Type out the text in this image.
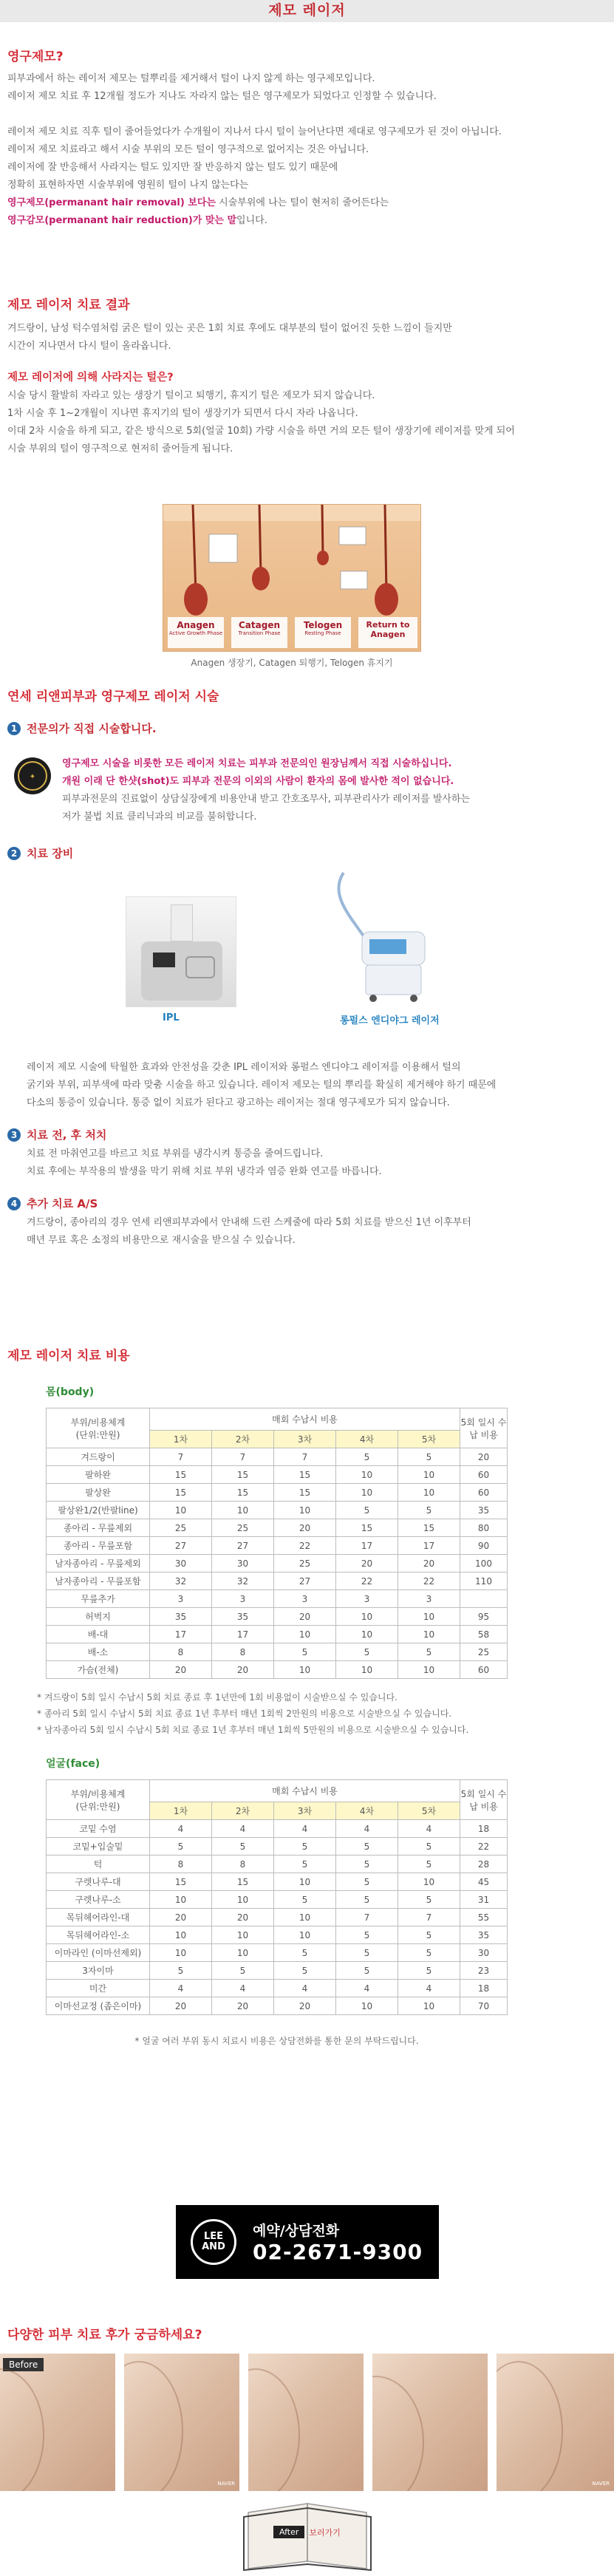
제모 레이저
영구제모?
피부과에서 하는 레이저 제모는 털뿌리를 제거해서 털이 나지 않게 하는 영구제모입니다.
레이저 제모 치료 후 12개월 정도가 지나도 자라지 않는 털은 영구제모가 되었다고 인정할 수 있습니다.
레이저 제모 치료 직후 털이 줄어들었다가 수개월이 지나서 다시 털이 늘어난다면 제대로 영구제모가 된 것이 아닙니다.
레이저 제모 치료라고 해서 시술 부위의 모든 털이 영구적으로 없어지는 것은 아닙니다.
레이저에 잘 반응해서 사라지는 털도 있지만 잘 반응하지 않는 털도 있기 때문에
정확히 표현하자면 시술부위에 영원히 털이 나지 않는다는
영구제모(permanant hair removal) 보다는 시술부위에 나는 털이 현저히 줄어든다는
영구감모(permanant hair reduction)가 맞는 말입니다.
제모 레이저 치료 결과
겨드랑이, 남성 턱수염처럼 굵은 털이 있는 곳은 1회 치료 후에도 대부분의 털이 없어진 듯한 느낌이 들지만
시간이 지나면서 다시 털이 올라옵니다.
제모 레이저에 의해 사라지는 털은?
시술 당시 활발히 자라고 있는 생장기 털이고 퇴행기, 휴지기 털은 제모가 되지 않습니다.
1차 시술 후 1~2개월이 지나면 휴지기의 털이 생장기가 되면서 다시 자라 나옵니다.
이대 2차 시술을 하게 되고, 같은 방식으로 5회(얼굴 10회) 가량 시술을 하면 거의 모든 털이 생장기에 레이저를 맞게 되어
시술 부위의 털이 영구적으로 현저히 줄어들게 됩니다.
Anagen
Active Growth Phase
Catagen
Transition Phase
Telogen
Resting Phase
Return to Anagen
Anagen 생장기, Catagen 퇴행기, Telogen 휴지기
연세 리앤피부과 영구제모 레이저 시술
1 전문의가 직접 시술합니다.
✦
영구제모 시술을 비롯한 모든 레이저 치료는 피부과 전문의인 원장님께서 직접 시술하십니다.
개원 이래 단 한샷(shot)도 피부과 전문의 이외의 사람이 환자의 몸에 발사한 적이 없습니다.
피부과전문의 진료없이 상담실장에게 비용안내 받고 간호조무사, 피부관리사가 레이저를 발사하는
저가 불법 치료 클리닉과의 비교를 불허합니다.
2 치료 장비
IPL	롱펄스 엔디야그 레이저
레이저 제모 시술에 탁월한 효과와 안전성을 갖춘 IPL 레이저와 롱펄스 엔디야그 레이저를 이용해서 털의
굵기와 부위, 피부색에 따라 맞춤 시술을 하고 있습니다. 레이저 제모는 털의 뿌리를 확실히 제거해야 하기 때문에
다소의 통증이 있습니다. 통증 없이 치료가 된다고 광고하는 레이저는 절대 영구제모가 되지 않습니다.
3 치료 전, 후 처치
치료 전 마취연고를 바르고 치료 부위를 냉각시켜 통증을 줄여드립니다.
치료 후에는 부작용의 발생을 막기 위해 치료 부위 냉각과 염증 완화 연고를 바릅니다.
4 추가 치료 A/S
겨드랑이, 종아리의 경우 연세 리앤피부과에서 안내해 드린 스케줄에 따라 5회 치료를 받으신 1년 이후부터
매년 무료 혹은 소정의 비용만으로 재시술을 받으실 수 있습니다.
제모 레이저 치료 비용
몸(body)
부위/비용체계
(단위:만원)	매회 수납시 비용					5회 일시 수납 비용
	1차	2차	3차	4차	5차	
겨드랑이	7	7	7	5	5	20
팔하완	15	15	15	10	10	60
팔상완	15	15	15	10	10	60
팔상완1/2(반팔line)	10	10	10	5	5	35
종아리 - 무릎제외	25	25	20	15	15	80
종아리 - 무릎포함	27	27	22	17	17	90
남자종아리 - 무릎제외	30	30	25	20	20	100
남자종아리 - 무릎포함	32	32	27	22	22	110
무릎추가	3	3	3	3	3	
허벅지	35	35	20	10	10	95
배-대	17	17	10	10	10	58
배-소	8	8	5	5	5	25
가슴(전체)	20	20	10	10	10	60
* 겨드랑이 5회 일시 수납시 5회 치료 종료 후 1년만에 1회 비용없이 시술받으실 수 있습니다.
* 종아리 5회 일시 수납시 5회 치료 종료 1년 후부터 매년 1회씩 2만원의 비용으로 시술받으실 수 있습니다.
* 남자종아리 5회 일시 수납시 5회 치료 종료 1년 후부터 매년 1회씩 5만원의 비용으로 시술받으실 수 있습니다.
얼굴(face)
부위/비용체계
(단위:만원)	매회 수납시 비용					5회 일시 수납 비용
	1차	2차	3차	4차	5차	
코밑 수염	4	4	4	4	4	18
코밑+입술밑	5	5	5	5	5	22
턱	8	8	5	5	5	28
구렛나루-대	15	15	10	5	10	45
구렛나루-소	10	10	5	5	5	31
목뒤헤어라인-대	20	20	10	7	7	55
목뒤헤어라인-소	10	10	10	5	5	35
이마라인 (이마선제외)	10	10	5	5	5	30
3자이마	5	5	5	5	5	23
미간	4	4	4	4	4	18
이마선교정 (좁은이마)	20	20	20	10	10	70
* 얼굴 여러 부위 동시 치료시 비용은 상담전화를 통한 문의 부탁드립니다.
LEE
AND
예약/상담전화
02-2671-9300
다양한 피부 치료 후가 궁금하세요?
Before
NAVER	NAVER
After	보러가기
